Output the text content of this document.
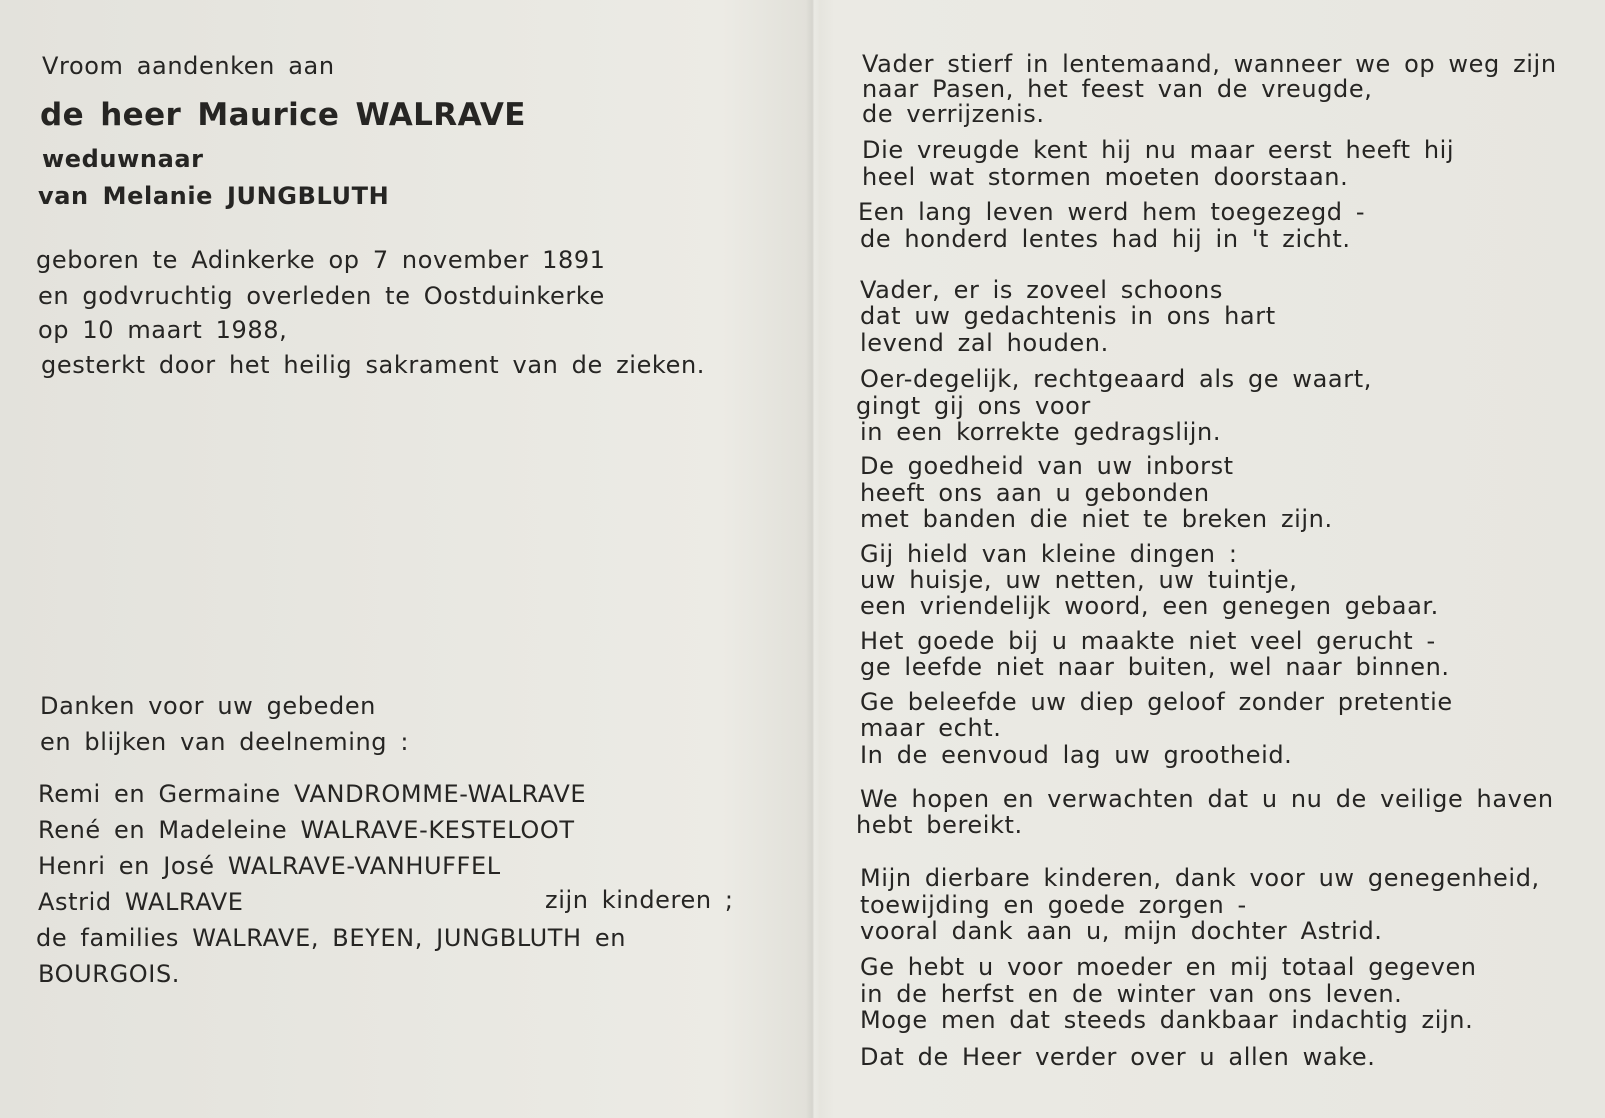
Vroom aandenken aan
de heer Maurice WALRAVE
weduwnaar
van Melanie JUNGBLUTH
geboren te Adinkerke op 7 november 1891
en godvruchtig overleden te Oostduinkerke
op 10 maart 1988,
gesterkt door het heilig sakrament van de zieken.
Danken voor uw gebeden
en blijken van deelneming :
Remi en Germaine VANDROMME-WALRAVE
René en Madeleine WALRAVE-KESTELOOT
Henri en José WALRAVE-VANHUFFEL
Astrid WALRAVE	zijn kinderen ;
de families WALRAVE, BEYEN, JUNGBLUTH en
BOURGOIS.
Vader stierf in lentemaand, wanneer we op weg zijn
naar Pasen, het feest van de vreugde,
de verrijzenis.
Die vreugde kent hij nu maar eerst heeft hij
heel wat stormen moeten doorstaan.
Een lang leven werd hem toegezegd -
de honderd lentes had hij in 't zicht.
Vader, er is zoveel schoons
dat uw gedachtenis in ons hart
levend zal houden.
Oer-degelijk, rechtgeaard als ge waart,
gingt gij ons voor
in een korrekte gedragslijn.
De goedheid van uw inborst
heeft ons aan u gebonden
met banden die niet te breken zijn.
Gij hield van kleine dingen :
uw huisje, uw netten, uw tuintje,
een vriendelijk woord, een genegen gebaar.
Het goede bij u maakte niet veel gerucht -
ge leefde niet naar buiten, wel naar binnen.
Ge beleefde uw diep geloof zonder pretentie
maar echt.
In de eenvoud lag uw grootheid.
We hopen en verwachten dat u nu de veilige haven
hebt bereikt.
Mijn dierbare kinderen, dank voor uw genegenheid,
toewijding en goede zorgen -
vooral dank aan u, mijn dochter Astrid.
Ge hebt u voor moeder en mij totaal gegeven
in de herfst en de winter van ons leven.
Moge men dat steeds dankbaar indachtig zijn.
Dat de Heer verder over u allen wake.
